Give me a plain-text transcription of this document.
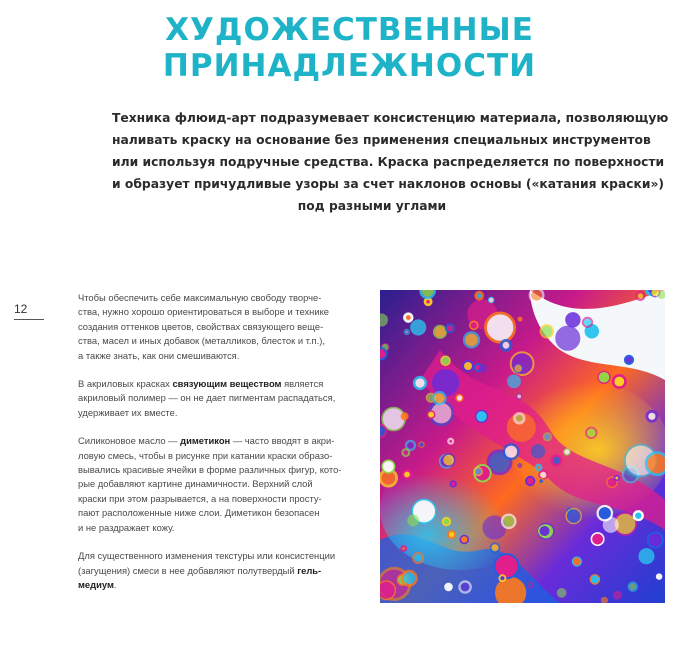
ХУДОЖЕСТВЕННЫЕ
ПРИНАДЛЕЖНОСТИ
Техника флюид-арт подразумевает консистенцию материала, позволяющую
наливать краску на основание без применения специальных инструментов
или используя подручные средства. Краска распределяется по поверхности
и образует причудливые узоры за счет наклонов основы («катания краски»)
под разными углами
12

Чтобы обеспечить себе максимальную свободу творче-
ства, нужно хорошо ориентироваться в выборе и технике
создания оттенков цветов, свойствах связующего веще-
ства, масел и иных добавок (металликов, блесток и т.п.),
а также знать, как они смешиваются.

В акриловых красках связующим веществом является
акриловый полимер — он не дает пигментам распадаться,
удерживает их вместе.

Силиконовое масло — диметикон — часто вводят в акри-
ловую смесь, чтобы в рисунке при катании краски образо-
вывались красивые ячейки в форме различных фигур, кото-
рые добавляют картине динамичности. Верхний слой
краски при этом разрывается, а на поверхности просту-
пают расположенные ниже слои. Диметикон безопасен
и не раздражает кожу.

Для существенного изменения текстуры или консистенции
(загущения) смеси в нее добавляют полутвердый гель-
медиум.
